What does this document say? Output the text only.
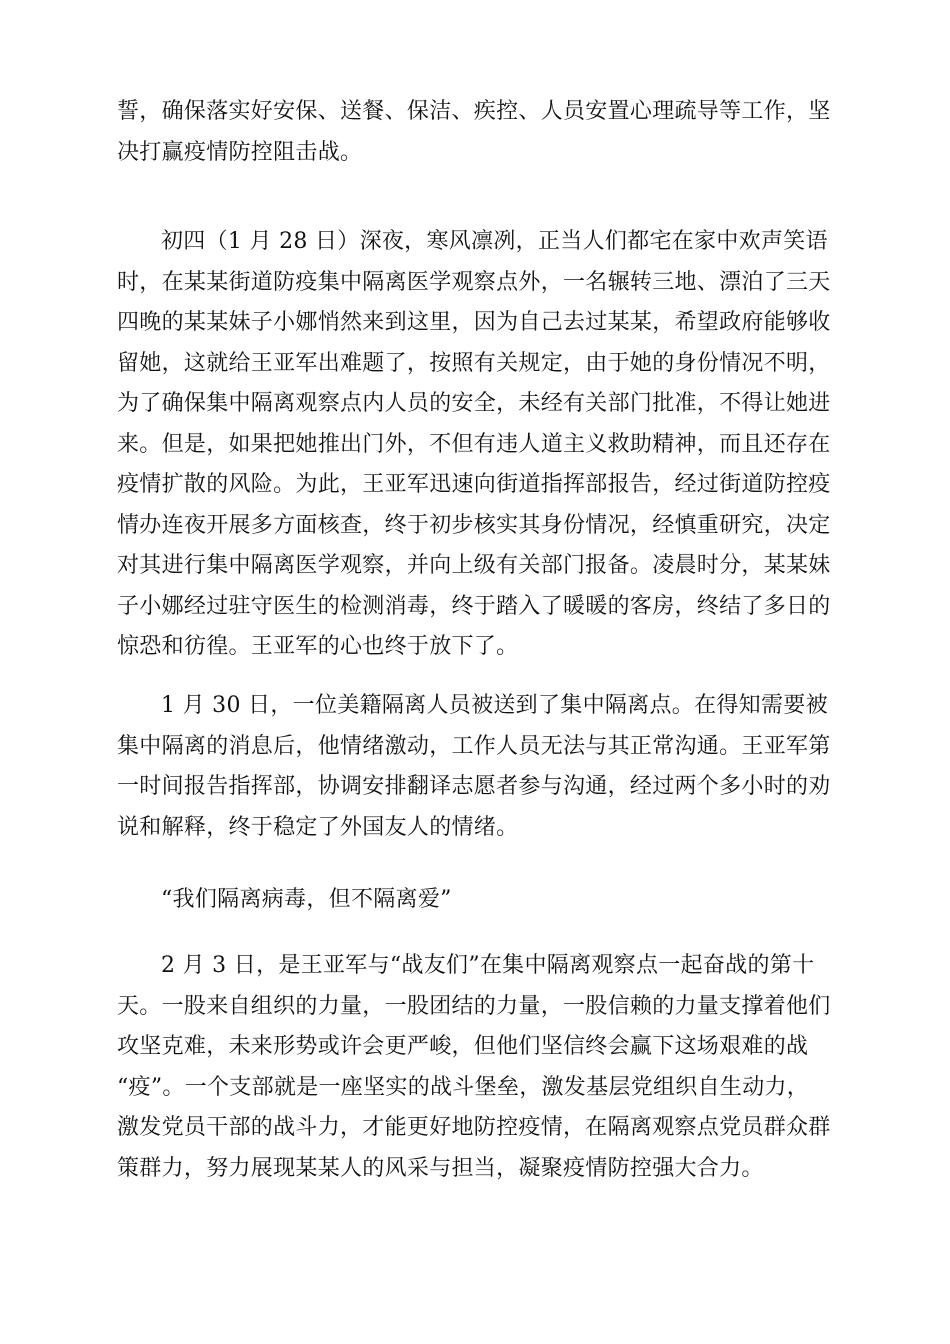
誓，确保落实好安保、送餐、保洁、疾控、人员安置心理疏导等工作，坚
决打赢疫情防控阻击战。

初四（1 月 28 日）深夜，寒风凛冽，正当人们都宅在家中欢声笑语
时，在某某街道防疫集中隔离医学观察点外，一名辗转三地、漂泊了三天
四晚的某某妹子小娜悄然来到这里，因为自己去过某某，希望政府能够收
留她，这就给王亚军出难题了，按照有关规定，由于她的身份情况不明，
为了确保集中隔离观察点内人员的安全，未经有关部门批准，不得让她进
来。但是，如果把她推出门外，不但有违人道主义救助精神，而且还存在
疫情扩散的风险。为此，王亚军迅速向街道指挥部报告，经过街道防控疫
情办连夜开展多方面核查，终于初步核实其身份情况，经慎重研究，决定
对其进行集中隔离医学观察，并向上级有关部门报备。凌晨时分，某某妹
子小娜经过驻守医生的检测消毒，终于踏入了暖暖的客房，终结了多日的
惊恐和彷徨。王亚军的心也终于放下了。

1 月 30 日，一位美籍隔离人员被送到了集中隔离点。在得知需要被
集中隔离的消息后，他情绪激动，工作人员无法与其正常沟通。王亚军第
一时间报告指挥部，协调安排翻译志愿者参与沟通，经过两个多小时的劝
说和解释，终于稳定了外国友人的情绪。

“我们隔离病毒，但不隔离爱”

2 月 3 日，是王亚军与“战友们”在集中隔离观察点一起奋战的第十
天。一股来自组织的力量，一股团结的力量，一股信赖的力量支撑着他们
攻坚克难，未来形势或许会更严峻，但他们坚信终会赢下这场艰难的战
“疫”。一个支部就是一座坚实的战斗堡垒，激发基层党组织自生动力，
激发党员干部的战斗力，才能更好地防控疫情，在隔离观察点党员群众群
策群力，努力展现某某人的风采与担当，凝聚疫情防控强大合力。
